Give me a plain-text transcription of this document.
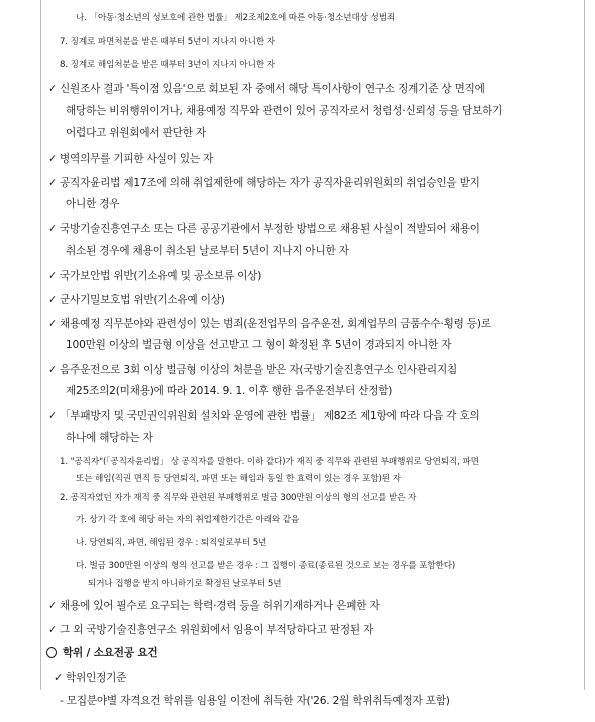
나. 「아동·청소년의 성보호에 관한 법률」 제2조제2호에 따른 아동·청소년대상 성범죄
7. 징계로 파면처분을 받은 때부터 5년이 지나지 아니한 자
8. 징계로 해임처분을 받은 때부터 3년이 지나지 아니한 자
✓ 신원조사 결과 '특이점 있음'으로 회보된 자 중에서 해당 특이사항이 연구소 징계기준 상 면직에
해당하는 비위행위이거나, 채용예정 직무와 관련이 있어 공직자로서 청렴성·신뢰성 등을 담보하기
어렵다고 위원회에서 판단한 자
✓ 병역의무를 기피한 사실이 있는 자
✓ 공직자윤리법 제17조에 의해 취업제한에 해당하는 자가 공직자윤리위원회의 취업승인을 받지
아니한 경우
✓ 국방기술진흥연구소 또는 다른 공공기관에서 부정한 방법으로 채용된 사실이 적발되어 채용이
취소된 경우에 채용이 취소된 날로부터 5년이 지나지 아니한 자
✓ 국가보안법 위반(기소유예 및 공소보류 이상)
✓ 군사기밀보호법 위반(기소유예 이상)
✓ 채용예정 직무분야와 관련성이 있는 범죄(운전업무의 음주운전, 회계업무의 금품수수·횡령 등)로
100만원 이상의 벌금형 이상을 선고받고 그 형이 확정된 후 5년이 경과되지 아니한 자
✓ 음주운전으로 3회 이상 벌금형 이상의 처분을 받은 자(국방기술진흥연구소 인사관리지침
제25조의2(미채용)에 따라 2014. 9. 1. 이후 행한 음주운전부터 산정함)
✓ 「부패방지 및 국민권익위원회 설치와 운영에 관한 법률」 제82조 제1항에 따라 다음 각 호의
하나에 해당하는 자
1. "공직자"(「공직자윤리법」 상 공직자를 말한다. 이하 같다)가 재직 중 직무와 관련된 부패행위로 당연퇴직, 파면
또는 해임(직권 면직 등 당연퇴직, 파면 또는 해임과 동일 한 효력이 있는 경우 포함)된 자
2. 공직자였던 자가 재직 중 직무와 관련된 부패행위로 벌금 300만원 이상의 형의 선고를 받은 자
가. 상기 각 호에 해당 하는 자의 취업제한기간은 아래와 같음
나. 당연퇴직, 파면, 해임된 경우 : 퇴직일로부터 5년
다. 벌금 300만원 이상의 형의 선고를 받은 경우 : 그 집행이 종료(종료된 것으로 보는 경우를 포함한다)
되거나 집행을 받지 아니하기로 확정된 날로부터 5년
✓ 채용에 있어 필수로 요구되는 학력·경력 등을 허위기재하거나 은폐한 자
✓ 그 외 국방기술진흥연구소 위원회에서 임용이 부적당하다고 판정된 자
학위 / 소요전공 요건
✓ 학위인정기준
- 모집분야별 자격요건 학위를 임용일 이전에 취득한 자('26. 2월 학위취득예정자 포함)
